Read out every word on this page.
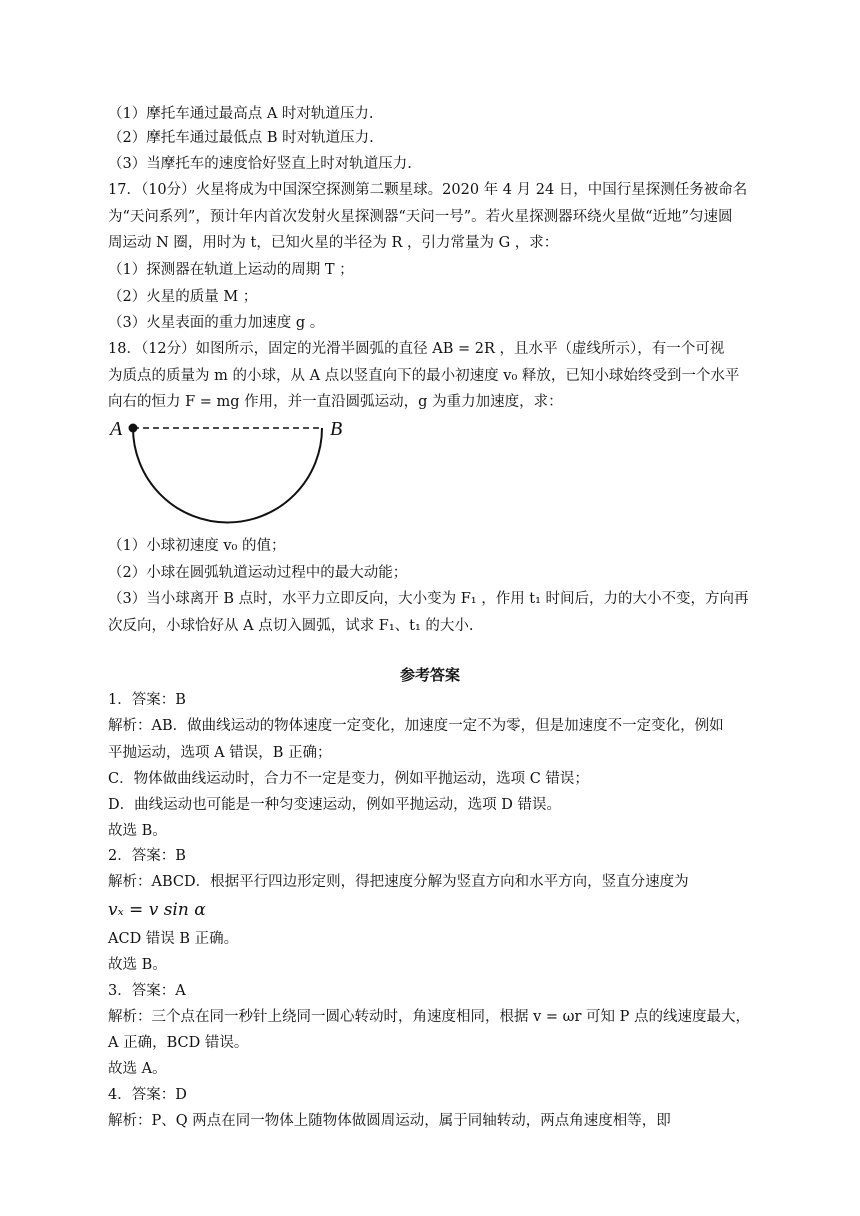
（1）摩托车通过最高点 A 时对轨道压力.
（2）摩托车通过最低点 B 时对轨道压力.
（3）当摩托车的速度恰好竖直上时对轨道压力.
17．（10分）火星将成为中国深空探测第二颗星球。2020 年 4 月 24 日，中国行星探测任务被命名
为“天问系列”，预计年内首次发射火星探测器“天问一号”。若火星探测器环绕火星做“近地”匀速圆
周运动 N 圈，用时为 t，已知火星的半径为 R ，引力常量为 G ，求：
（1）探测器在轨道上运动的周期 T ；
（2）火星的质量 M ；
（3）火星表面的重力加速度 g 。
18．（12分）如图所示，固定的光滑半圆弧的直径 AB = 2R ，且水平（虚线所示），有一个可视
为质点的质量为 m 的小球，从 A 点以竖直向下的最小初速度 v₀ 释放，已知小球始终受到一个水平
向右的恒力 F = mg 作用，并一直沿圆弧运动，g 为重力加速度，求：
A	B
（1）小球初速度 v₀ 的值；
（2）小球在圆弧轨道运动过程中的最大动能；
（3）当小球离开 B 点时，水平力立即反向，大小变为 F₁ ，作用 t₁ 时间后，力的大小不变，方向再
次反向，小球恰好从 A 点切入圆弧，试求 F₁、t₁ 的大小.
参考答案
1．答案：B
解析：AB．做曲线运动的物体速度一定变化，加速度一定不为零，但是加速度不一定变化，例如
平抛运动，选项 A 错误，B 正确；
C．物体做曲线运动时，合力不一定是变力，例如平抛运动，选项 C 错误；
D．曲线运动也可能是一种匀变速运动，例如平抛运动，选项 D 错误。
故选 B。
2．答案：B
解析：ABCD．根据平行四边形定则，得把速度分解为竖直方向和水平方向，竖直分速度为
vₓ = v sin α
ACD 错误 B 正确。
故选 B。
3．答案：A
解析：三个点在同一秒针上绕同一圆心转动时，角速度相同，根据 v = ωr 可知 P 点的线速度最大，
A 正确，BCD 错误。
故选 A。
4．答案：D
解析：P、Q 两点在同一物体上随物体做圆周运动，属于同轴转动，两点角速度相等，即
